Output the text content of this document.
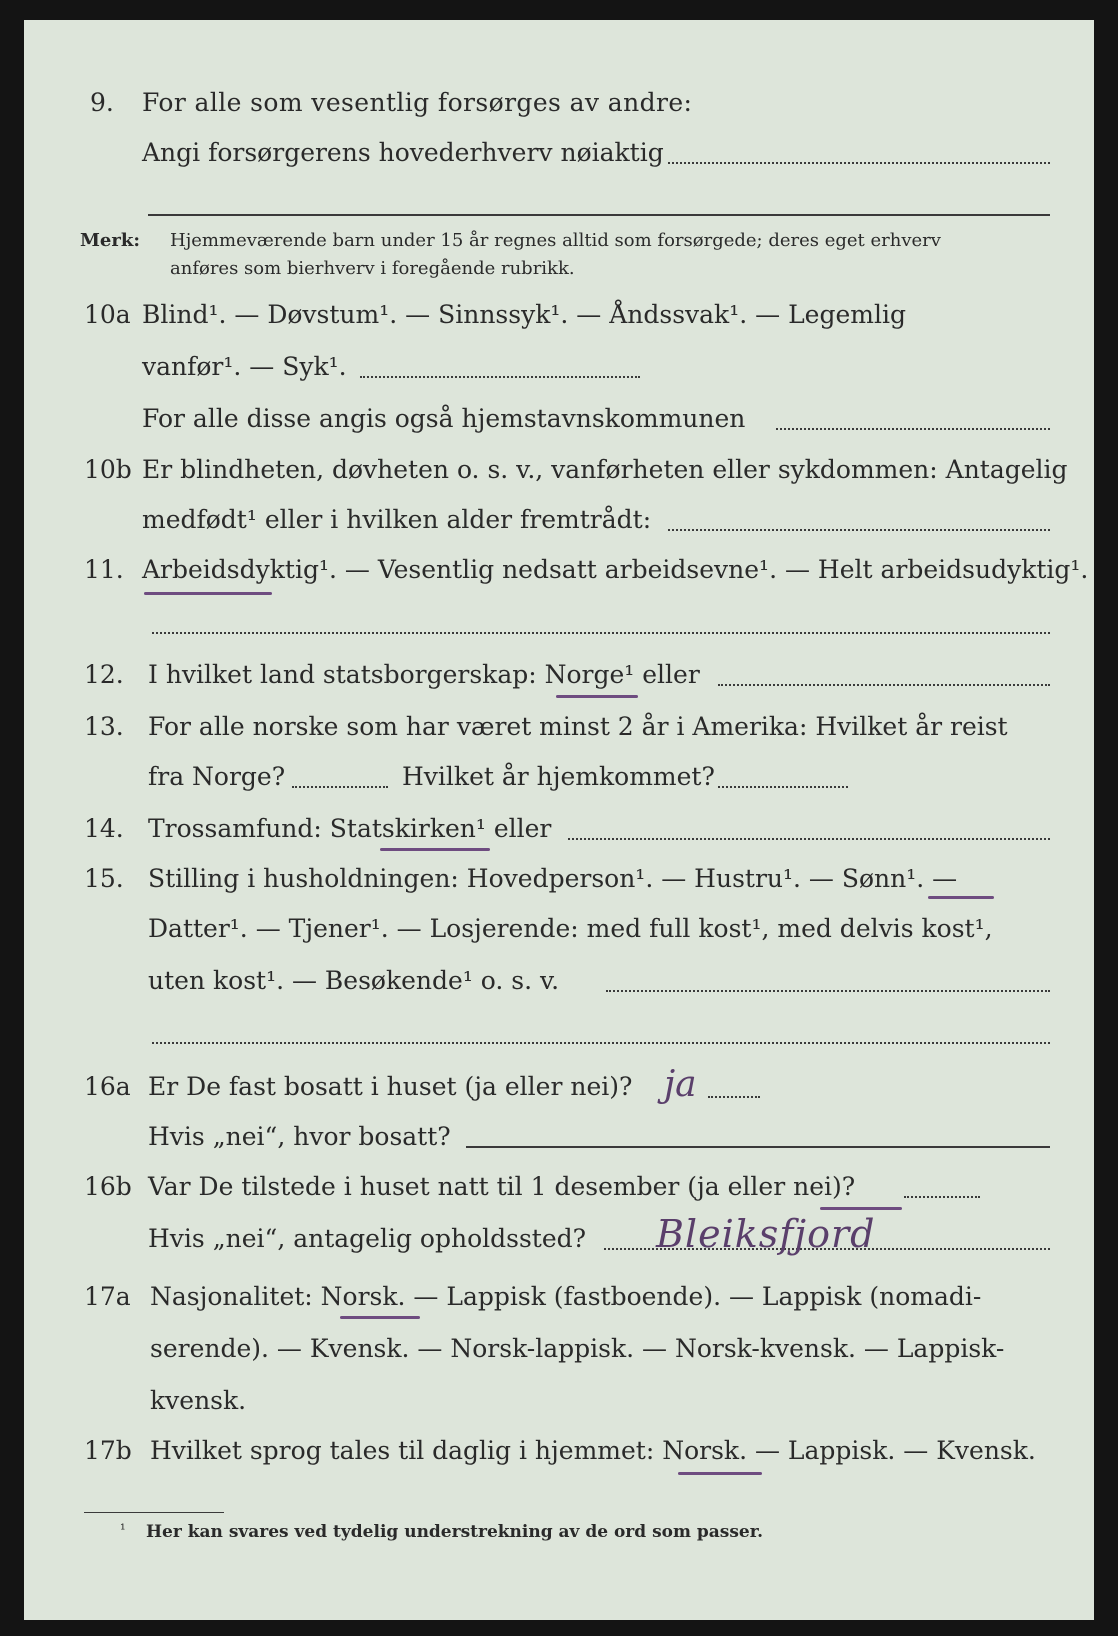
9. For alle som vesentlig forsørges av andre:
Angi forsørgerens hovederhverv nøiaktig
Merk: Hjemmeværende barn under 15 år regnes alltid som forsørgede; deres eget erhverv
anføres som bierhverv i foregående rubrikk.
10a Blind¹. — Døvstum¹. — Sinnssyk¹. — Åndssvak¹. — Legemlig
vanfør¹. — Syk¹.
For alle disse angis også hjemstavnskommunen
10b Er blindheten, døvheten o. s. v., vanførheten eller sykdommen: Antagelig
medfødt¹ eller i hvilken alder fremtrådt:
11. Arbeidsdyktig¹. — Vesentlig nedsatt arbeidsevne¹. — Helt arbeidsudyktig¹.
12. I hvilket land statsborgerskap: Norge¹ eller
13. For alle norske som har været minst 2 år i Amerika: Hvilket år reist
fra Norge?	Hvilket år hjemkommet?
14. Trossamfund: Statskirken¹ eller
15. Stilling i husholdningen: Hovedperson¹. — Hustru¹. — Sønn¹. —
Datter¹. — Tjener¹. — Losjerende: med full kost¹, med delvis kost¹,
uten kost¹. — Besøkende¹ o. s. v.
16a Er De fast bosatt i huset (ja eller nei)? ja
Hvis „nei“, hvor bosatt?
16b Var De tilstede i huset natt til 1 desember (ja eller nei)?
Hvis „nei“, antagelig opholdssted? Bleiksfjord
17a Nasjonalitet: Norsk. — Lappisk (fastboende). — Lappisk (nomadi-
serende). — Kvensk. — Norsk-lappisk. — Norsk-kvensk. — Lappisk-
kvensk.
17b Hvilket sprog tales til daglig i hjemmet: Norsk. — Lappisk. — Kvensk.
¹ Her kan svares ved tydelig understrekning av de ord som passer.
